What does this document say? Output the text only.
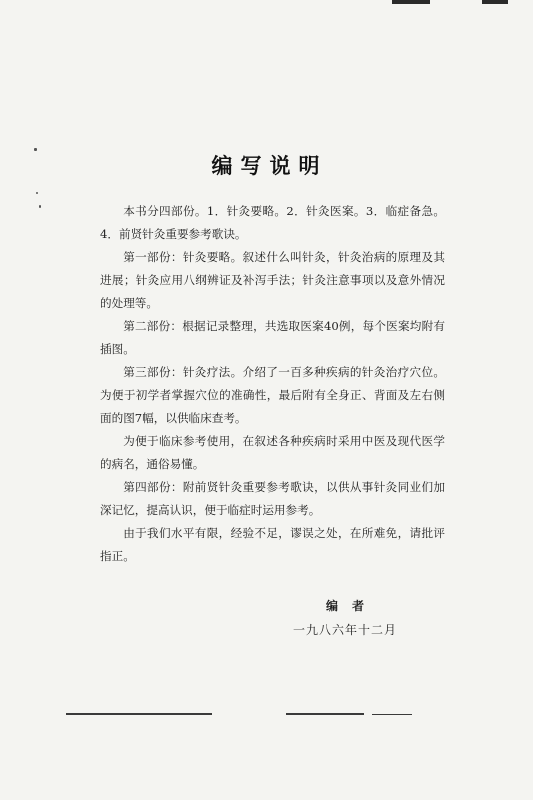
编写说明

本书分四部份。1．针灸要略。2．针灸医案。3．临症备急。4．前贤针灸重要参考歌诀。

第一部份：针灸要略。叙述什么叫针灸，针灸治病的原理及其进展；针灸应用八纲辨证及补泻手法；针灸注意事项以及意外情况的处理等。

第二部份：根据记录整理，共选取医案40例，每个医案均附有插图。

第三部份：针灸疗法。介绍了一百多种疾病的针灸治疗穴位。为便于初学者掌握穴位的准确性，最后附有全身正、背面及左右侧面的图7幅，以供临床查考。

为便于临床参考使用，在叙述各种疾病时采用中医及现代医学的病名，通俗易懂。

第四部份：附前贤针灸重要参考歌诀，以供从事针灸同业们加深记忆，提高认识，便于临症时运用参考。

由于我们水平有限，经验不足，谬误之处，在所难免，请批评指正。

编者
一九八六年十二月
